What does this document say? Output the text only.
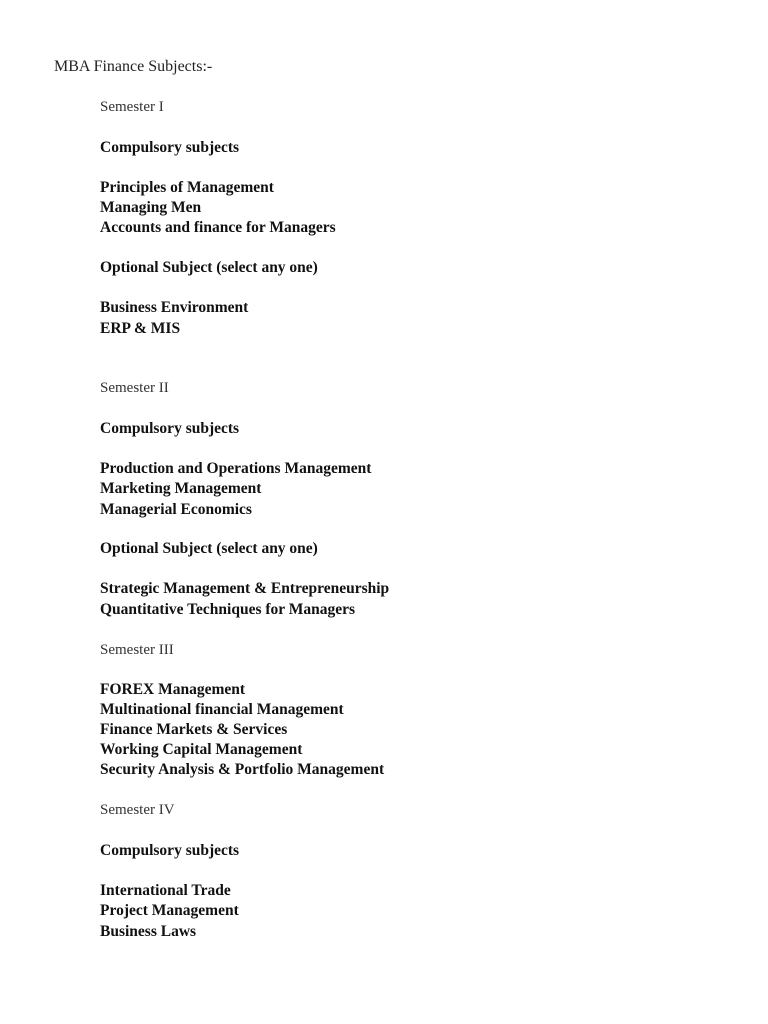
MBA Finance Subjects:-

Semester I

Compulsory subjects

Principles of Management

Managing Men

Accounts and finance for Managers

Optional Subject (select any one)

Business Environment

ERP & MIS

Semester II

Compulsory subjects

Production and Operations Management

Marketing Management

Managerial Economics

Optional Subject (select any one)

Strategic Management & Entrepreneurship

Quantitative Techniques for Managers

Semester III

FOREX Management

Multinational financial Management

Finance Markets & Services

Working Capital Management

Security Analysis & Portfolio Management

Semester IV

Compulsory subjects

International Trade

Project Management

Business Laws
